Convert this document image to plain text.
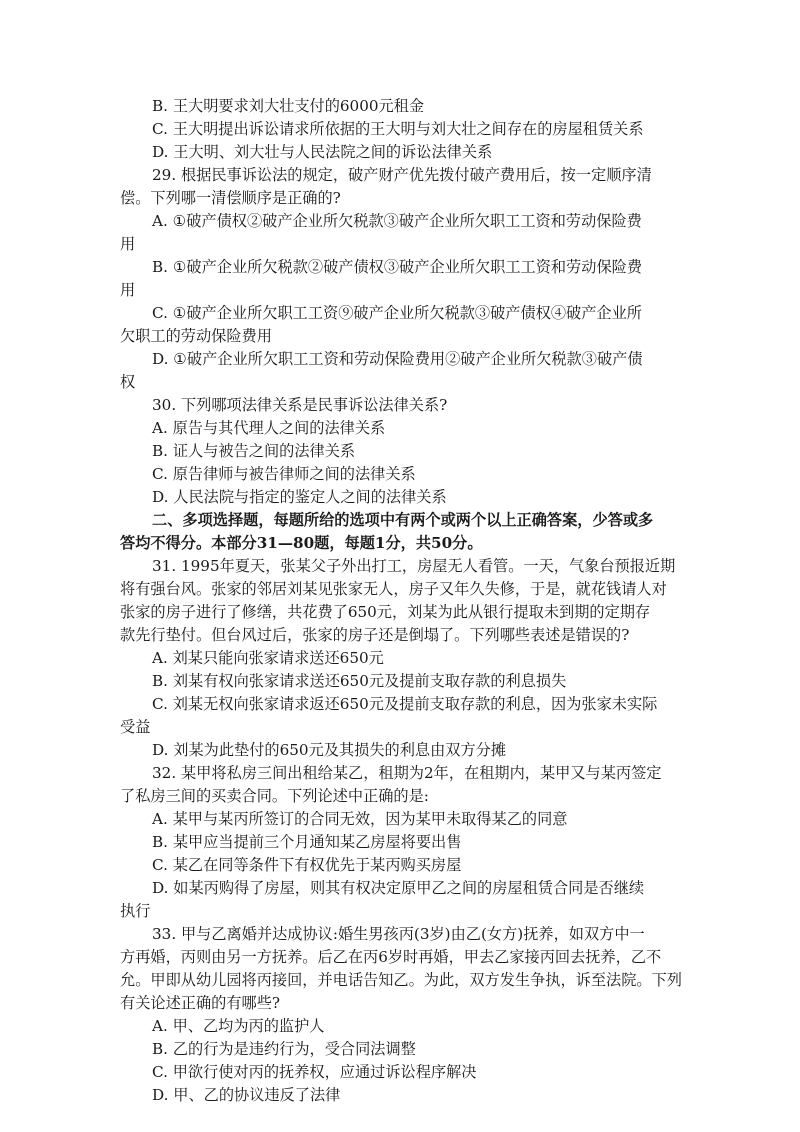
B. 王大明要求刘大壮支付的6000元租金
C. 王大明提出诉讼请求所依据的王大明与刘大壮之间存在的房屋租赁关系
D. 王大明、刘大壮与人民法院之间的诉讼法律关系
29. 根据民事诉讼法的规定，破产财产优先拨付破产费用后，按一定顺序清
偿。下列哪一清偿顺序是正确的?
A. ①破产债权②破产企业所欠税款③破产企业所欠职工工资和劳动保险费
用
B. ①破产企业所欠税款②破产债权③破产企业所欠职工工资和劳动保险费
用
C. ①破产企业所欠职工工资⑨破产企业所欠税款③破产债权④破产企业所
欠职工的劳动保险费用
D. ①破产企业所欠职工工资和劳动保险费用②破产企业所欠税款③破产债
权
30. 下列哪项法律关系是民事诉讼法律关系?
A. 原告与其代理人之间的法律关系
B. 证人与被告之间的法律关系
C. 原告律师与被告律师之间的法律关系
D. 人民法院与指定的鉴定人之间的法律关系
二、多项选择题，每题所给的选项中有两个或两个以上正确答案，少答或多
答均不得分。本部分31—80题，每题1分，共50分。
31. 1995年夏天，张某父子外出打工，房屋无人看管。一天，气象台预报近期
将有强台风。张家的邻居刘某见张家无人，房子又年久失修，于是，就花钱请人对
张家的房子进行了修缮，共花费了650元，刘某为此从银行提取未到期的定期存
款先行垫付。但台风过后，张家的房子还是倒塌了。下列哪些表述是错误的?
A. 刘某只能向张家请求送还650元
B. 刘某有权向张家请求送还650元及提前支取存款的利息损失
C. 刘某无权向张家请求返还650元及提前支取存款的利息，因为张家未实际
受益
D. 刘某为此垫付的650元及其损失的利息由双方分摊
32. 某甲将私房三间出租给某乙，租期为2年，在租期内，某甲又与某丙签定
了私房三间的买卖合同。下列论述中正确的是:
A. 某甲与某丙所签订的合同无效，因为某甲未取得某乙的同意
B. 某甲应当提前三个月通知某乙房屋将要出售
C. 某乙在同等条件下有权优先于某丙购买房屋
D. 如某丙购得了房屋，则其有权决定原甲乙之间的房屋租赁合同是否继续
执行
33. 甲与乙离婚并达成协议:婚生男孩丙(3岁)由乙(女方)抚养，如双方中一
方再婚，丙则由另一方抚养。后乙在丙6岁时再婚，甲去乙家接丙回去抚养，乙不
允。甲即从幼儿园将丙接回，并电话告知乙。为此，双方发生争执，诉至法院。下列
有关论述正确的有哪些?
A. 甲、乙均为丙的监护人
B. 乙的行为是违约行为，受合同法调整
C. 甲欲行使对丙的抚养权，应通过诉讼程序解决
D. 甲、乙的协议违反了法律
